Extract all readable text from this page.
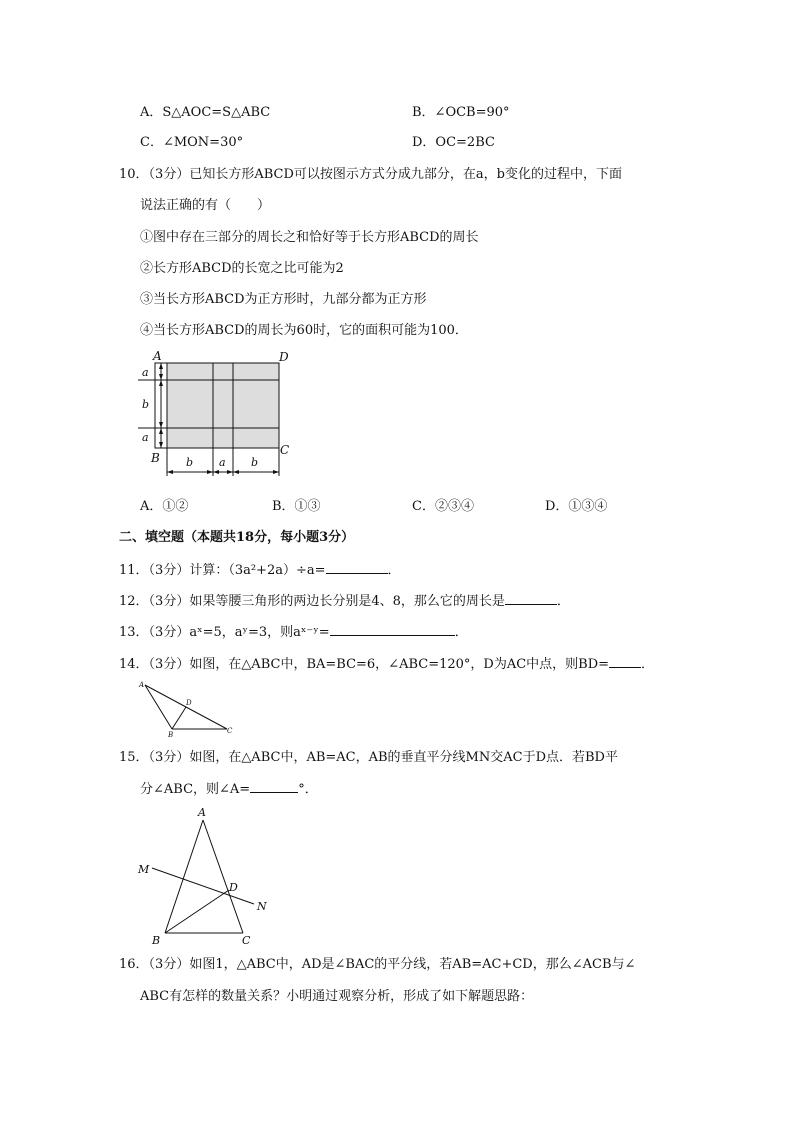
A．S△AOC=S△ABC	B．∠OCB=90°
C．∠MON=30°	D．OC=2BC
10．（3分）已知长方形ABCD可以按图示方式分成九部分，在a，b变化的过程中，下面
说法正确的有（　　）
①图中存在三部分的周长之和恰好等于长方形ABCD的周长
②长方形ABCD的长宽之比可能为2
③当长方形ABCD为正方形时，九部分都为正方形
④当长方形ABCD的周长为60时，它的面积可能为100．
A	D
B
C
a
b
a
b a b
A．①②	B．①③	C．②③④	D．①③④
二、填空题（本题共18分，每小题3分）
11．（3分）计算：（3a²+2a）÷a=	．
12．（3分）如果等腰三角形的两边长分别是4、8，那么它的周长是	．
13．（3分）aˣ=5，aʸ=3，则aˣ⁻ʸ=	．
14．（3分）如图，在△ABC中，BA=BC=6，∠ABC=120°，D为AC中点，则BD= ．
A
B	C
D
15．（3分）如图，在△ABC中，AB=AC，AB的垂直平分线MN交AC于D点．若BD平
分∠ABC，则∠A=	°．
A
B	C
D
M
N
16．（3分）如图1，△ABC中，AD是∠BAC的平分线，若AB=AC+CD，那么∠ACB与∠
ABC有怎样的数量关系？小明通过观察分析，形成了如下解题思路：
